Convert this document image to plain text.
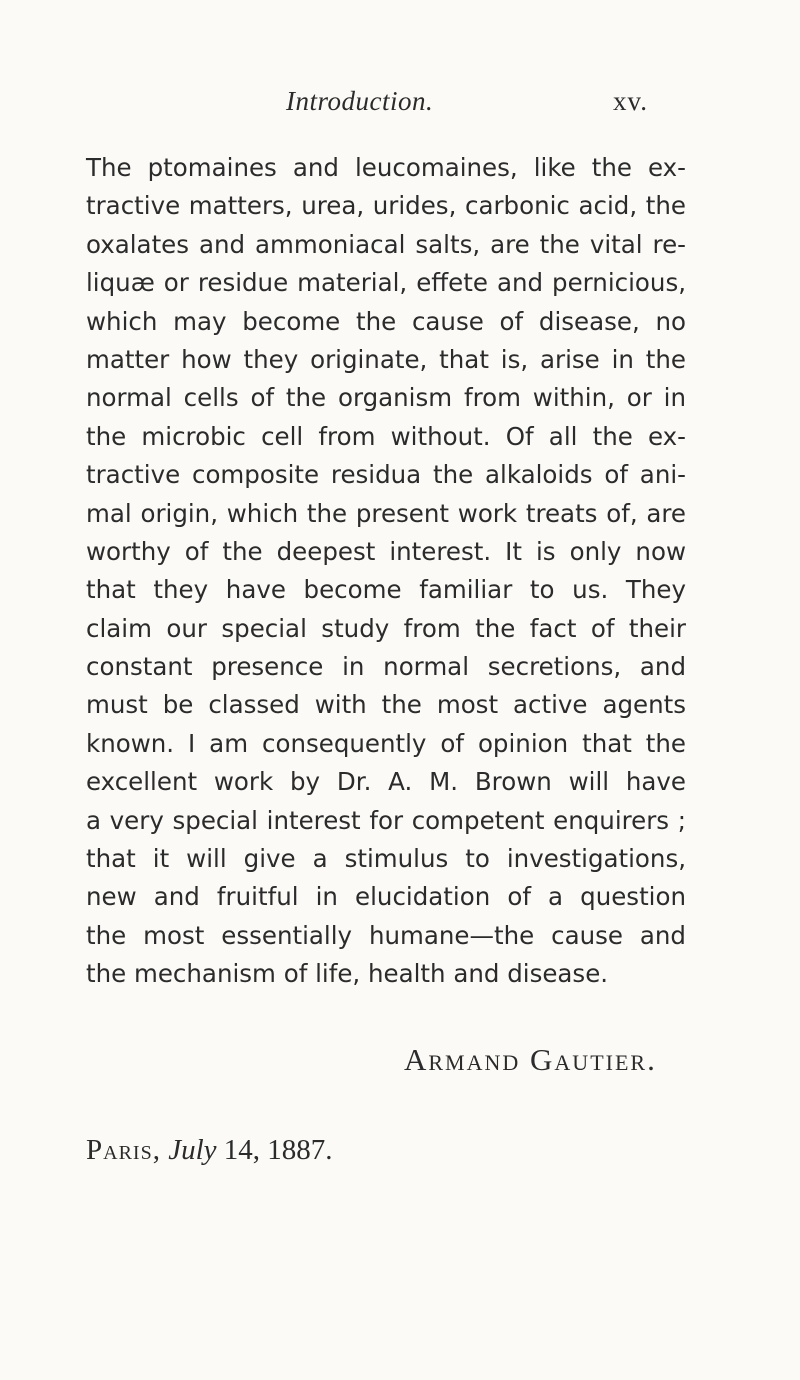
Introduction.	xv.
The ptomaines and leucomaines, like the ex-
tractive matters, urea, urides, carbonic acid, the
oxalates and ammoniacal salts, are the vital re-
liquæ or residue material, effete and pernicious,
which may become the cause of disease, no
matter how they originate, that is, arise in the
normal cells of the organism from within, or in
the microbic cell from without. Of all the ex-
tractive composite residua the alkaloids of ani-
mal origin, which the present work treats of, are
worthy of the deepest interest. It is only now
that they have become familiar to us. They
claim our special study from the fact of their
constant presence in normal secretions, and
must be classed with the most active agents
known. I am consequently of opinion that the
excellent work by Dr. A. M. Brown will have
a very special interest for competent enquirers ;
that it will give a stimulus to investigations,
new and fruitful in elucidation of a question
the most essentially humane—the cause and
the mechanism of life, health and disease.
Armand Gautier.
Paris, July 14, 1887.
